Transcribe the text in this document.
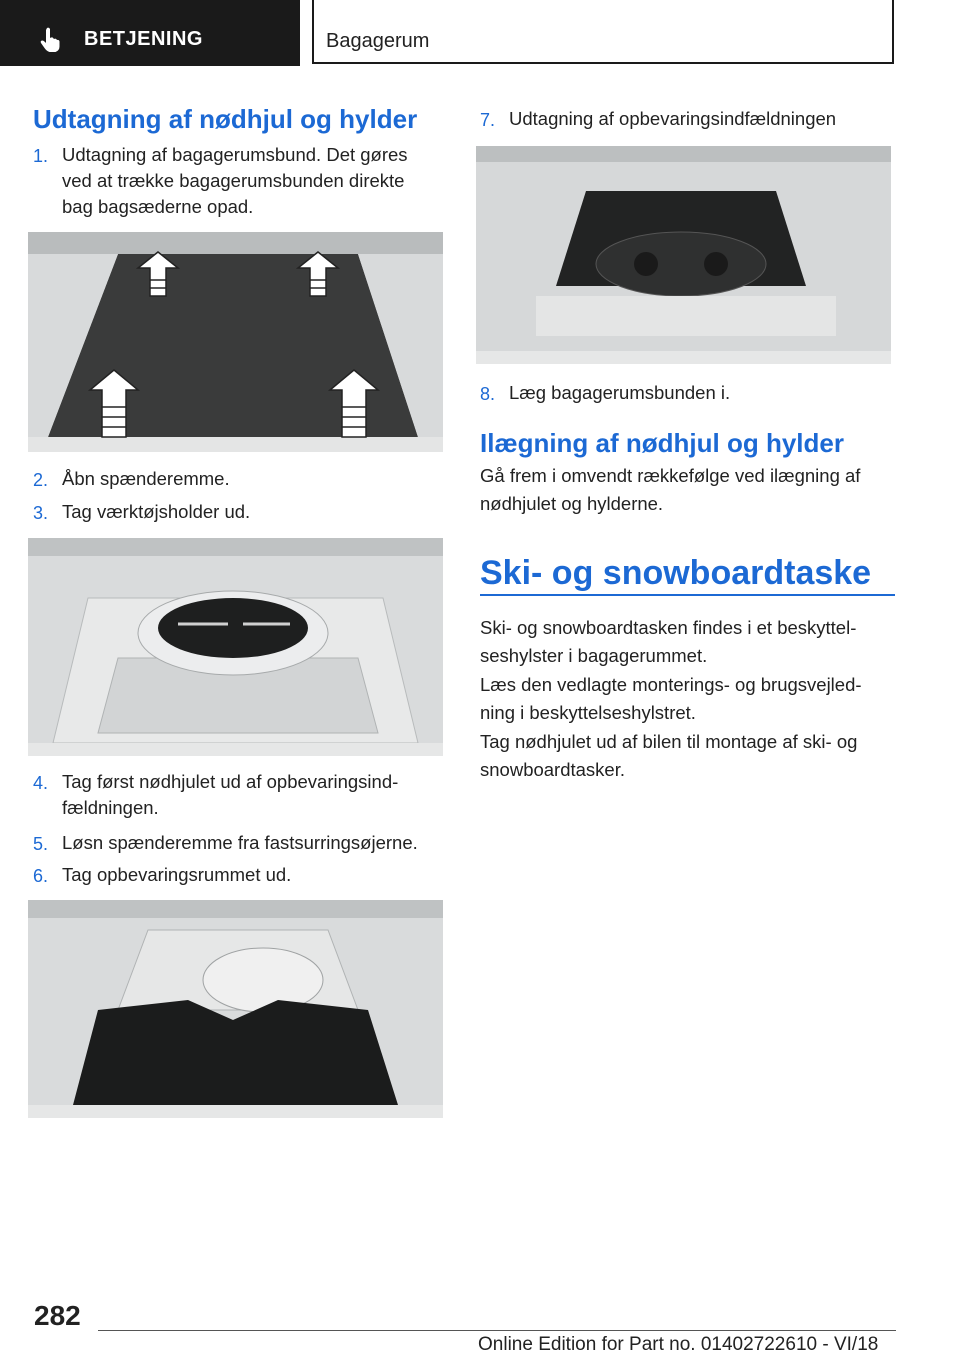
BETJENING	Bagagerum
Udtagning af nødhjul og hylder
1. Udtagning af bagagerumsbund. Det gøres
ved at trække bagagerumsbunden direkte
bag bagsæderne opad.
2. Åbn spænderemme.
3. Tag værktøjsholder ud.
4. Tag først nødhjulet ud af opbevaringsind-
fældningen.
5. Løsn spænderemme fra fastsurringsøjerne.
6. Tag opbevaringsrummet ud.
7. Udtagning af opbevaringsindfældningen
8. Læg bagagerumsbunden i.
Ilægning af nødhjul og hylder
Gå frem i omvendt rækkefølge ved ilægning af
nødhjulet og hylderne.
Ski- og snowboardtaske
Ski- og snowboardtasken findes i et beskyttel-
seshylster i bagagerummet.
Læs den vedlagte monterings- og brugsvejled-
ning i beskyttelseshylstret.
Tag nødhjulet ud af bilen til montage af ski- og
snowboardtasker.
282
Online Edition for Part no. 01402722610 - VI/18
